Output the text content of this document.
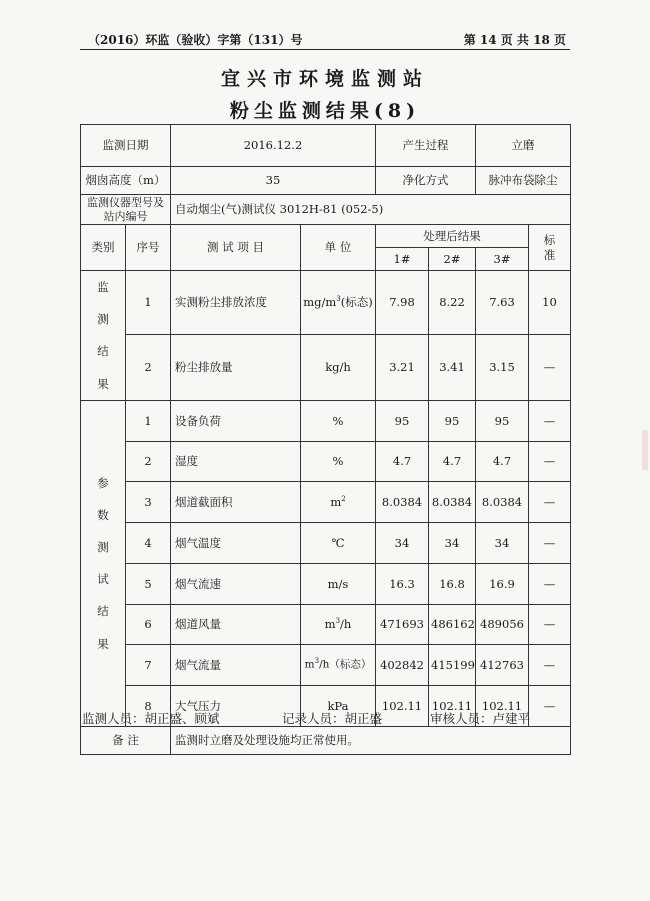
（2016）环监（验收）字第（131）号	第 14 页 共 18 页
宜兴市环境监测站
粉尘监测结果(8)
监测日期		2016.12.2		产生过程		立磨	
烟囱高度（m）		35		净化方式		脉冲布袋除尘	
监测仪器型号及站内编号		自动烟尘(气)测试仪 3012H-81 (052-5)					
类别	序号	测 试 项 目	单 位	处理后结果			标准
				1#	2#	3#	
监测结果	1	实测粉尘排放浓度	$mg/m^3$(标态)	7.98	8.22	7.63	10
	2	粉尘排放量	kg/h	3.21	3.41	3.15	—
参数测试结果	1	设备负荷	%	95	95	95	—
	2	湿度	%	4.7	4.7	4.7	—
	3	烟道截面积	$m^2$	8.0384	8.0384	8.0384	—
	4	烟气温度	℃	34	34	34	—
	5	烟气流速	m/s	16.3	16.8	16.9	—
	6	烟道风量	$m^3/h$	471693	486162	489056	—
	7	烟气流量	$m^3/h$（标态）	402842	415199	412763	—
	8	大气压力	kPa	102.11	102.11	102.11	—
备 注		监测时立磨及处理设施均正常使用。					
监测人员：胡正盛、顾斌	记录人员：胡正盛	审核人员：卢建平
